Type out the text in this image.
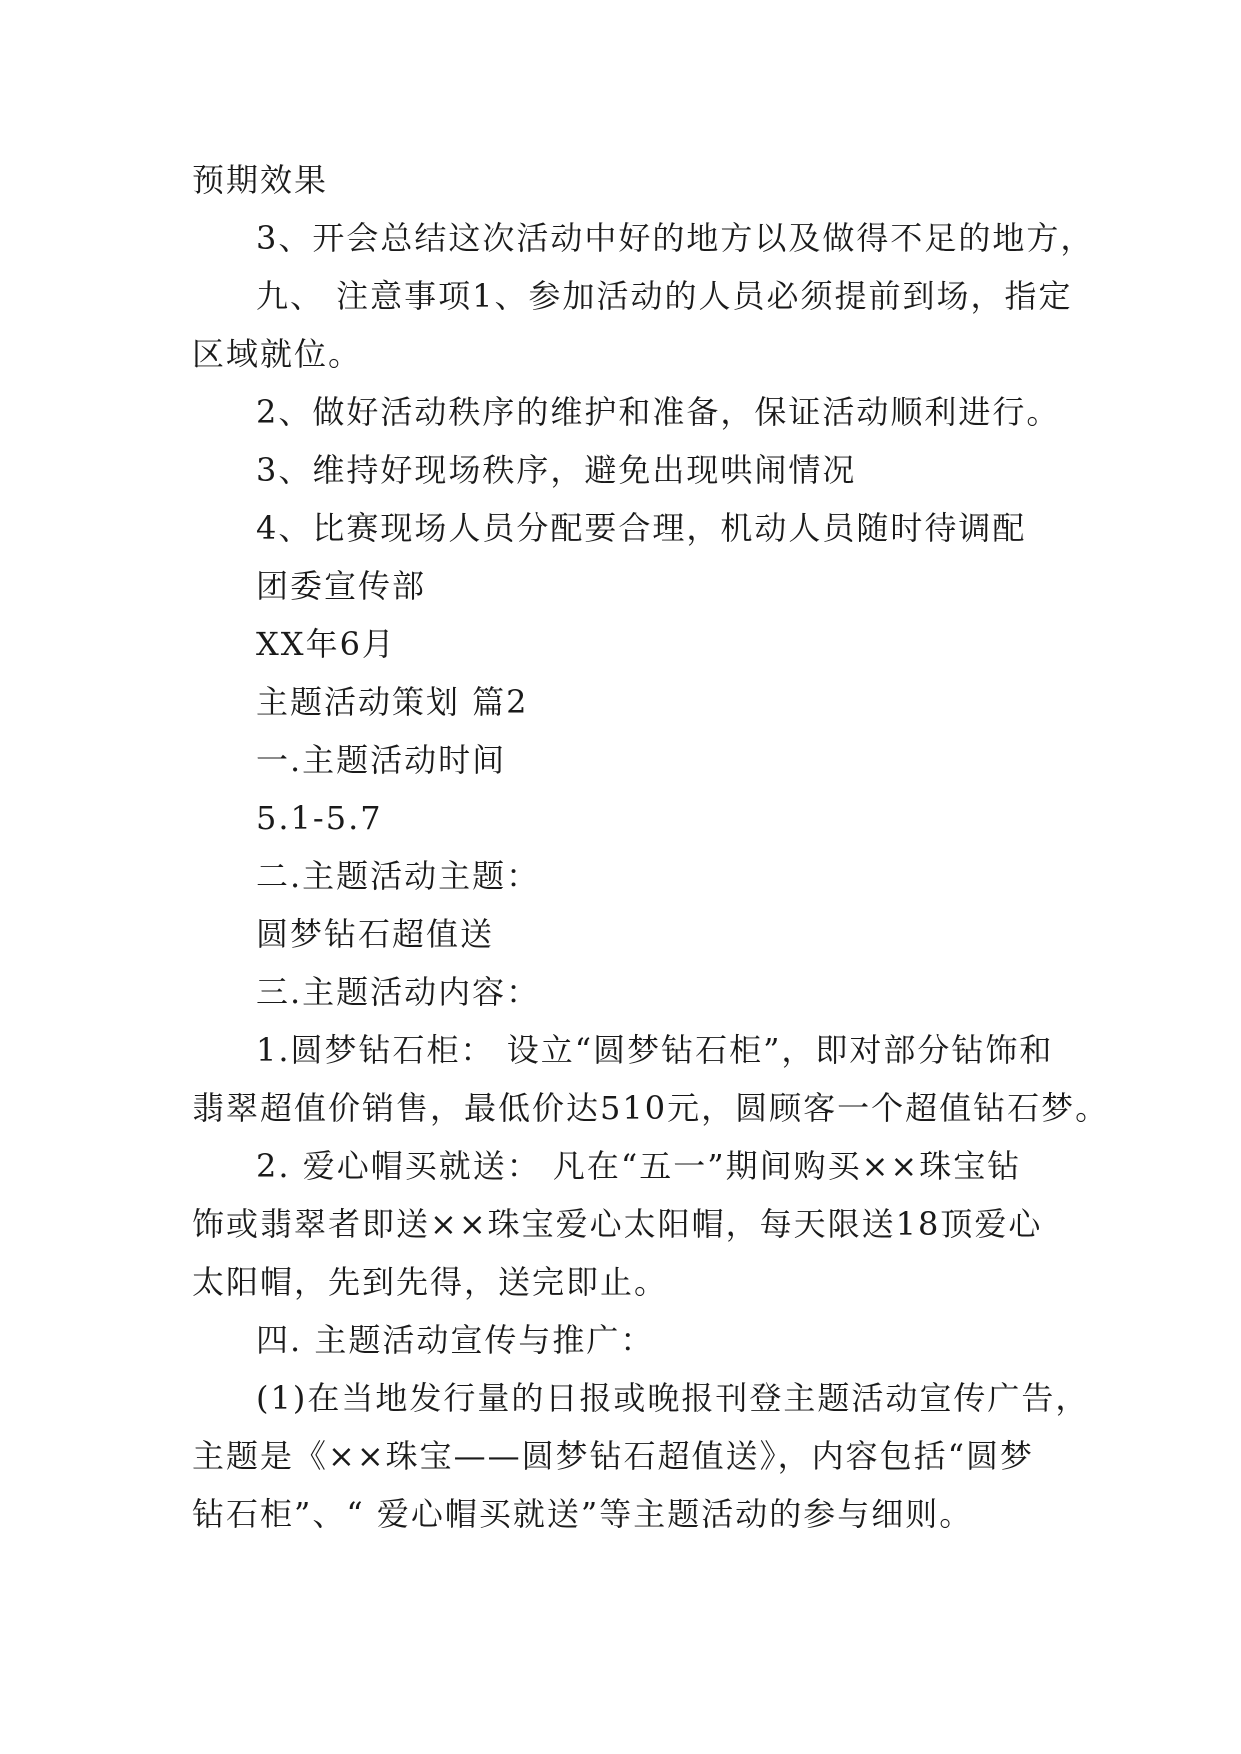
预期效果
3、开会总结这次活动中好的地方以及做得不足的地方，
九、 注意事项1、参加活动的人员必须提前到场，指定
区域就位。
2、做好活动秩序的维护和准备，保证活动顺利进行。
3、维持好现场秩序，避免出现哄闹情况
4、比赛现场人员分配要合理，机动人员随时待调配
团委宣传部
XX年6月
主题活动策划 篇2
一.主题活动时间
5.1-5.7
二.主题活动主题：
圆梦钻石超值送
三.主题活动内容：
1.圆梦钻石柜： 设立“圆梦钻石柜”，即对部分钻饰和
翡翠超值价销售，最低价达510元，圆顾客一个超值钻石梦。
2. 爱心帽买就送： 凡在“五一”期间购买××珠宝钻
饰或翡翠者即送××珠宝爱心太阳帽，每天限送18顶爱心
太阳帽，先到先得，送完即止。
四. 主题活动宣传与推广：
(1)在当地发行量的日报或晚报刊登主题活动宣传广告，
主题是《××珠宝——圆梦钻石超值送》，内容包括“圆梦
钻石柜”、“ 爱心帽买就送”等主题活动的参与细则。
